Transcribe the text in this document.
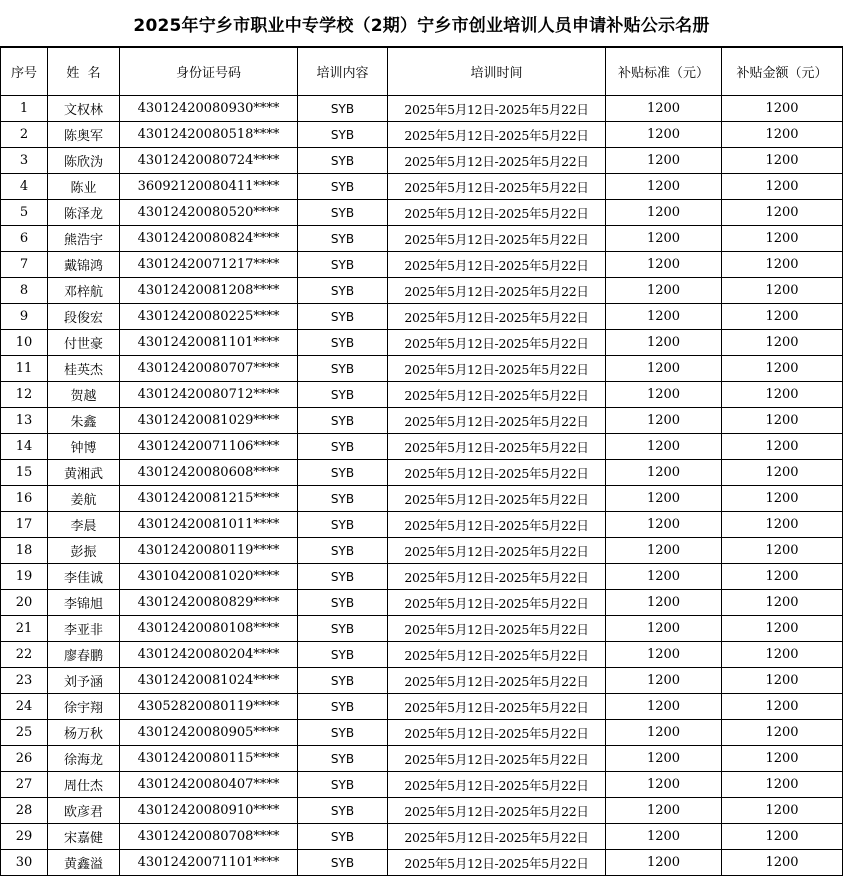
2025年宁乡市职业中专学校（2期）宁乡市创业培训人员申请补贴公示名册
序号	姓  名	身份证号码	培训内容	培训时间	补贴标准（元）	补贴金额（元）
1	文权林	43012420080930****	SYB	2025年5月12日-2025年5月22日	1200	1200
2	陈奥军	43012420080518****	SYB	2025年5月12日-2025年5月22日	1200	1200
3	陈欣沩	43012420080724****	SYB	2025年5月12日-2025年5月22日	1200	1200
4	陈业	36092120080411****	SYB	2025年5月12日-2025年5月22日	1200	1200
5	陈泽龙	43012420080520****	SYB	2025年5月12日-2025年5月22日	1200	1200
6	熊浩宇	43012420080824****	SYB	2025年5月12日-2025年5月22日	1200	1200
7	戴锦鸿	43012420071217****	SYB	2025年5月12日-2025年5月22日	1200	1200
8	邓梓航	43012420081208****	SYB	2025年5月12日-2025年5月22日	1200	1200
9	段俊宏	43012420080225****	SYB	2025年5月12日-2025年5月22日	1200	1200
10	付世豪	43012420081101****	SYB	2025年5月12日-2025年5月22日	1200	1200
11	桂英杰	43012420080707****	SYB	2025年5月12日-2025年5月22日	1200	1200
12	贺越	43012420080712****	SYB	2025年5月12日-2025年5月22日	1200	1200
13	朱鑫	43012420081029****	SYB	2025年5月12日-2025年5月22日	1200	1200
14	钟博	43012420071106****	SYB	2025年5月12日-2025年5月22日	1200	1200
15	黄湘武	43012420080608****	SYB	2025年5月12日-2025年5月22日	1200	1200
16	姜航	43012420081215****	SYB	2025年5月12日-2025年5月22日	1200	1200
17	李晨	43012420081011****	SYB	2025年5月12日-2025年5月22日	1200	1200
18	彭振	43012420080119****	SYB	2025年5月12日-2025年5月22日	1200	1200
19	李佳诚	43010420081020****	SYB	2025年5月12日-2025年5月22日	1200	1200
20	李锦旭	43012420080829****	SYB	2025年5月12日-2025年5月22日	1200	1200
21	李亚非	43012420080108****	SYB	2025年5月12日-2025年5月22日	1200	1200
22	廖春鹏	43012420080204****	SYB	2025年5月12日-2025年5月22日	1200	1200
23	刘予涵	43012420081024****	SYB	2025年5月12日-2025年5月22日	1200	1200
24	徐宇翔	43052820080119****	SYB	2025年5月12日-2025年5月22日	1200	1200
25	杨万秋	43012420080905****	SYB	2025年5月12日-2025年5月22日	1200	1200
26	徐海龙	43012420080115****	SYB	2025年5月12日-2025年5月22日	1200	1200
27	周仕杰	43012420080407****	SYB	2025年5月12日-2025年5月22日	1200	1200
28	欧彦君	43012420080910****	SYB	2025年5月12日-2025年5月22日	1200	1200
29	宋嘉健	43012420080708****	SYB	2025年5月12日-2025年5月22日	1200	1200
30	黄鑫溢	43012420071101****	SYB	2025年5月12日-2025年5月22日	1200	1200
